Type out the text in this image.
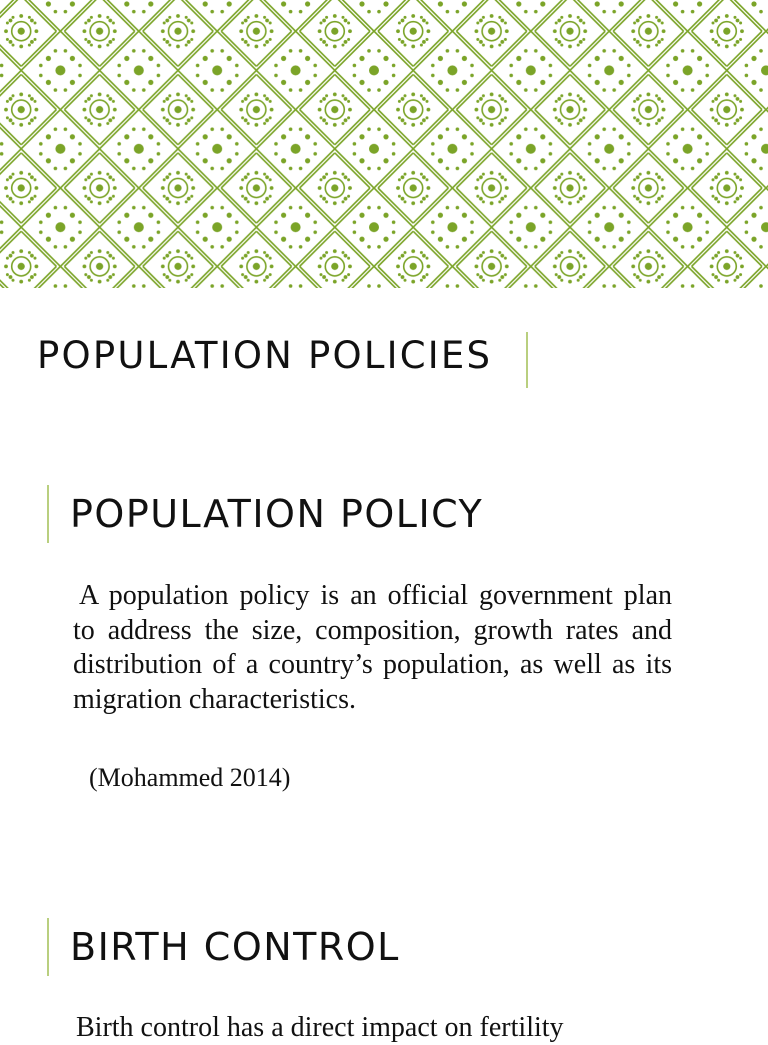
POPULATION POLICIES
POPULATION POLICY

A population policy is an official government plan to address the size, composition, growth rates and distribution of a country’s population, as well as its migration characteristics.

(Mohammed 2014)

BIRTH CONTROL

Birth control has a direct impact on fertility
